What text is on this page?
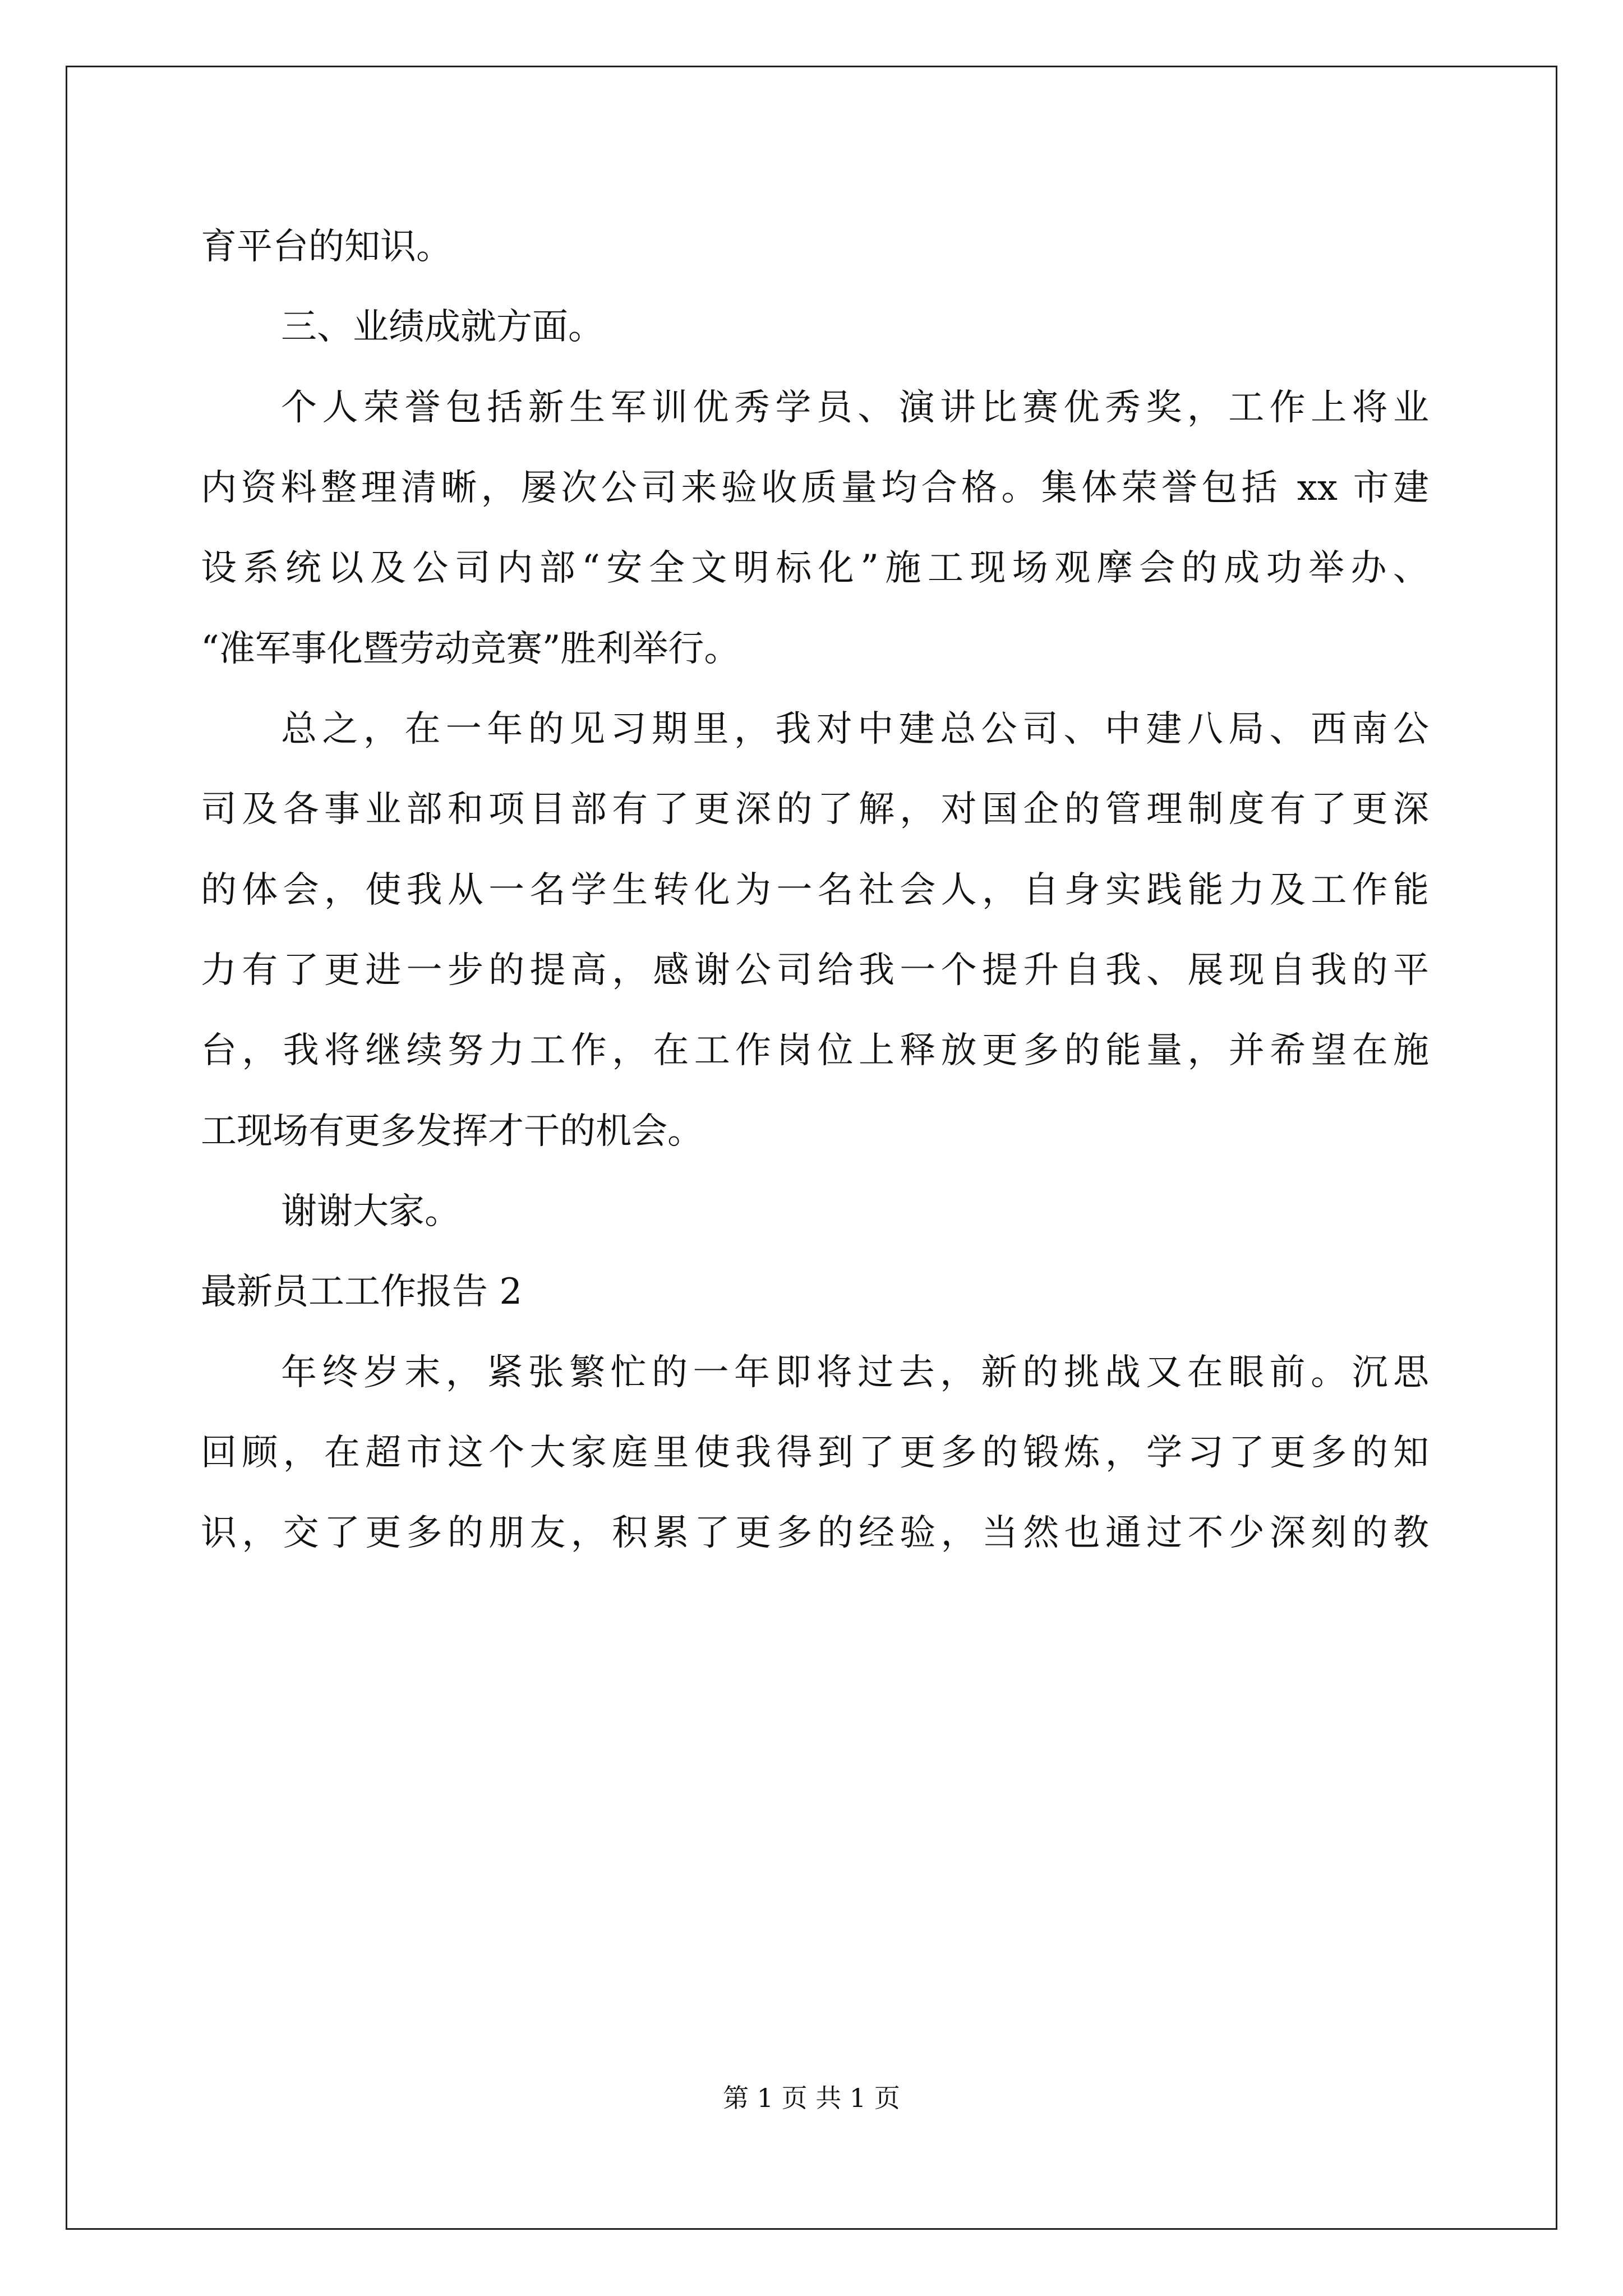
育平台的知识。
三、业绩成就方面。
个人荣誉包括新生军训优秀学员、演讲比赛优秀奖，工作上将业
内资料整理清晰，屡次公司来验收质量均合格。集体荣誉包括 xx 市建
设系统以及公司内部“安全文明标化”施工现场观摩会的成功举办、
“准军事化暨劳动竞赛”胜利举行。
总之，在一年的见习期里，我对中建总公司、中建八局、西南公
司及各事业部和项目部有了更深的了解，对国企的管理制度有了更深
的体会，使我从一名学生转化为一名社会人，自身实践能力及工作能
力有了更进一步的提高，感谢公司给我一个提升自我、展现自我的平
台，我将继续努力工作，在工作岗位上释放更多的能量，并希望在施
工现场有更多发挥才干的机会。
谢谢大家。
最新员工工作报告 2
年终岁末，紧张繁忙的一年即将过去，新的挑战又在眼前。沉思
回顾，在超市这个大家庭里使我得到了更多的锻炼，学习了更多的知
识，交了更多的朋友，积累了更多的经验，当然也通过不少深刻的教
第 1 页 共 1 页
